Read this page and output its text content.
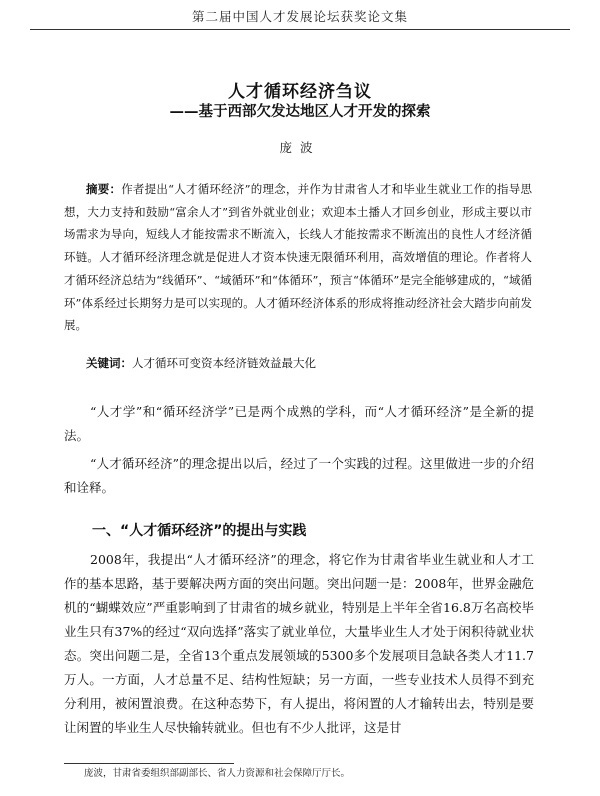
第二届中国人才发展论坛获奖论文集
人才循环经济刍议
——基于西部欠发达地区人才开发的探索
庞波

摘要：作者提出“人才循环经济”的理念，并作为甘肃省人才和毕业生就业工作的指导思想，大力支持和鼓励“富余人才”到省外就业创业；欢迎本土播人才回乡创业，形成主要以市场需求为导向，短线人才能按需求不断流入，长线人才能按需求不断流出的良性人才经济循环链。人才循环经济理念就是促进人才资本快速无限循环利用，高效增值的理论。作者将人才循环经济总结为“线循环”、“域循环”和“体循环”，预言“体循环”是完全能够建成的，“域循环”体系经过长期努力是可以实现的。人才循环经济体系的形成将推动经济社会大踏步向前发展。

关键词：人才循环可变资本经济链效益最大化

“人才学”和“循环经济学”已是两个成熟的学科，而“人才循环经济”是全新的提法。

“人才循环经济”的理念提出以后，经过了一个实践的过程。这里做进一步的介绍和诠释。

一、“人才循环经济”的提出与实践

2008年，我提出“人才循环经济”的理念，将它作为甘肃省毕业生就业和人才工作的基本思路，基于要解决两方面的突出问题。突出问题一是：2008年，世界金融危机的“蝴蝶效应”严重影响到了甘肃省的城乡就业，特别是上半年全省16.8万名高校毕业生只有37%的经过“双向选择”落实了就业单位，大量毕业生人才处于闲积待就业状态。突出问题二是，全省13个重点发展领域的5300多个发展项目急缺各类人才11.7万人。一方面，人才总量不足、结构性短缺；另一方面，一些专业技术人员得不到充分利用，被闲置浪费。在这种态势下，有人提出，将闲置的人才输转出去，特别是要让闲置的毕业生人尽快输转就业。但也有不少人批评，这是甘

庞波，甘肃省委组织部副部长、省人力资源和社会保障厅厅长。
